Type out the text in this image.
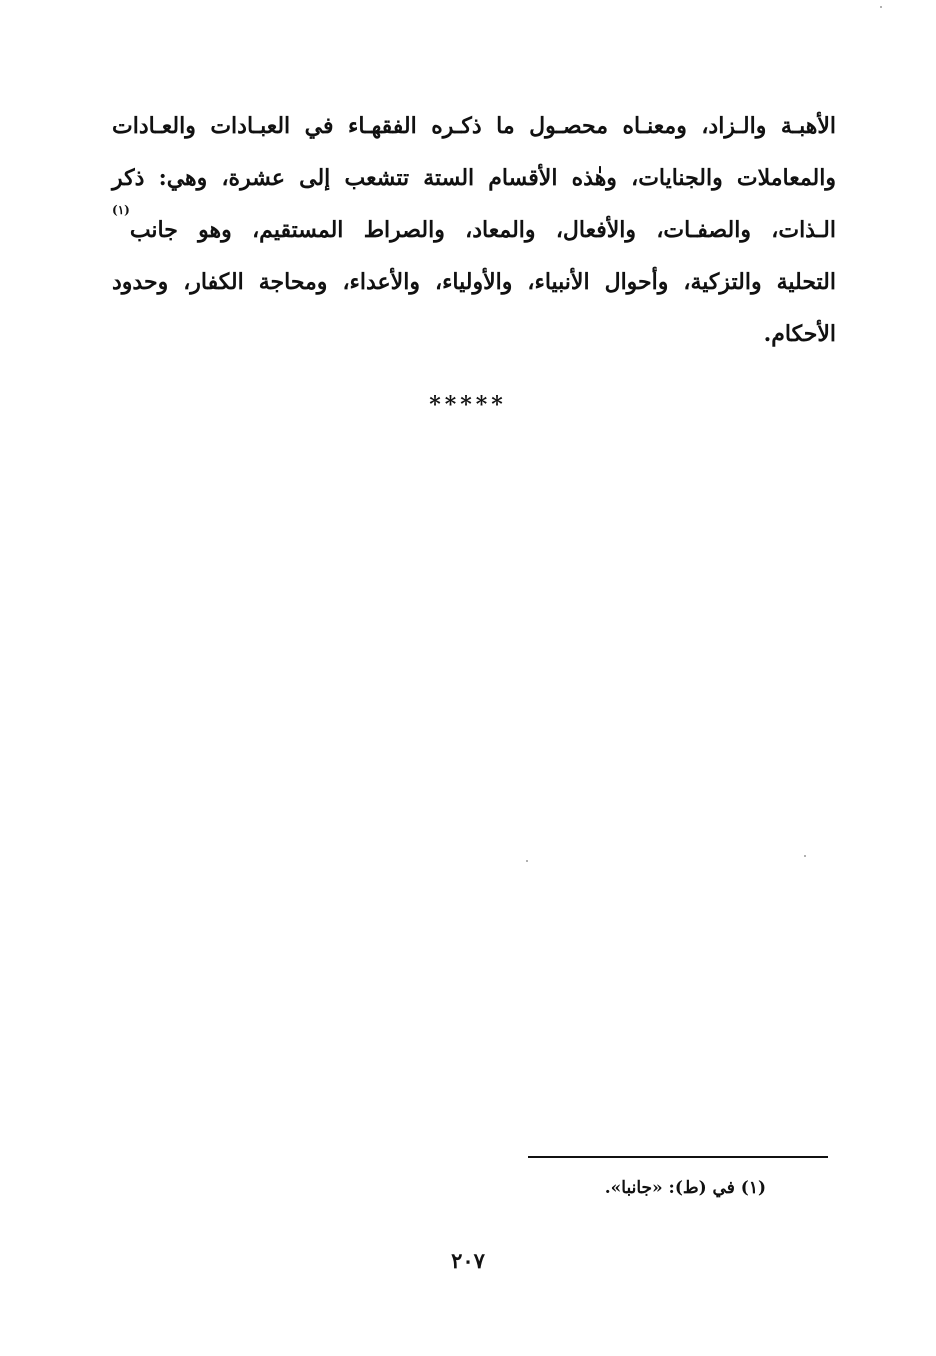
الأهبـة والـزاد، ومعنـاه محصـول ما ذكـره الفقهـاء في العبـادات والعـادات
والمعاملات والجنايات، وهٰذه الأقسام الستة تتشعب إلى عشرة، وهي: ذكر
الـذات، والصفـات، والأفعال، والمعاد، والصراط المستقيم، وهو جانب$^{(١)}$
التحلية والتزكية، وأحوال الأنبياء، والأولياء، والأعداء، ومحاجة الكفار، وحدود
الأحكام.
*****
(١) في (ط): «جانبا».
٢٠٧
